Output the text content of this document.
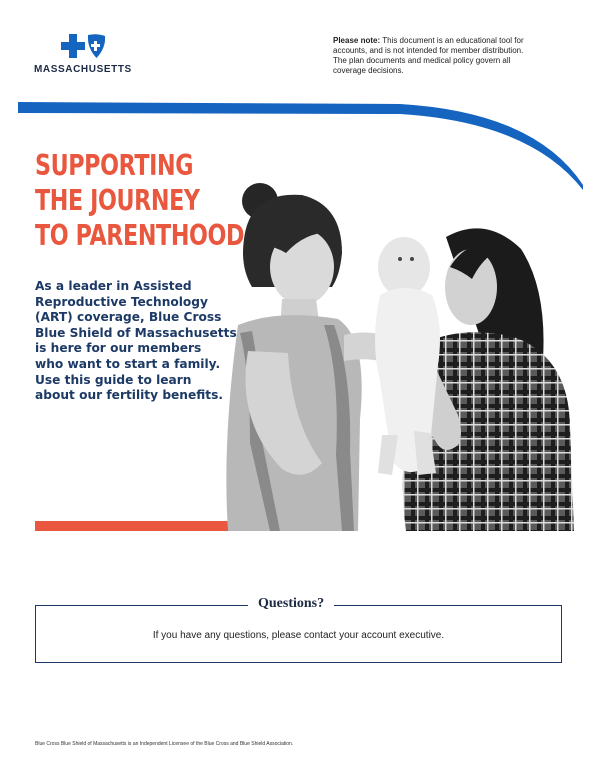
MASSACHUSETTS
Please note: This document is an educational tool for
accounts, and is not intended for member distribution.
The plan documents and medical policy govern all
coverage decisions.
SUPPORTING
THE JOURNEY
TO PARENTHOOD
As a leader in Assisted
Reproductive Technology
(ART) coverage, Blue Cross
Blue Shield of Massachusetts
is here for our members
who want to start a family.
Use this guide to learn
about our fertility benefits.
Questions?
If you have any questions, please contact your account executive.
Blue Cross Blue Shield of Massachusetts is an Independent Licensee of the Blue Cross and Blue Shield Association.
